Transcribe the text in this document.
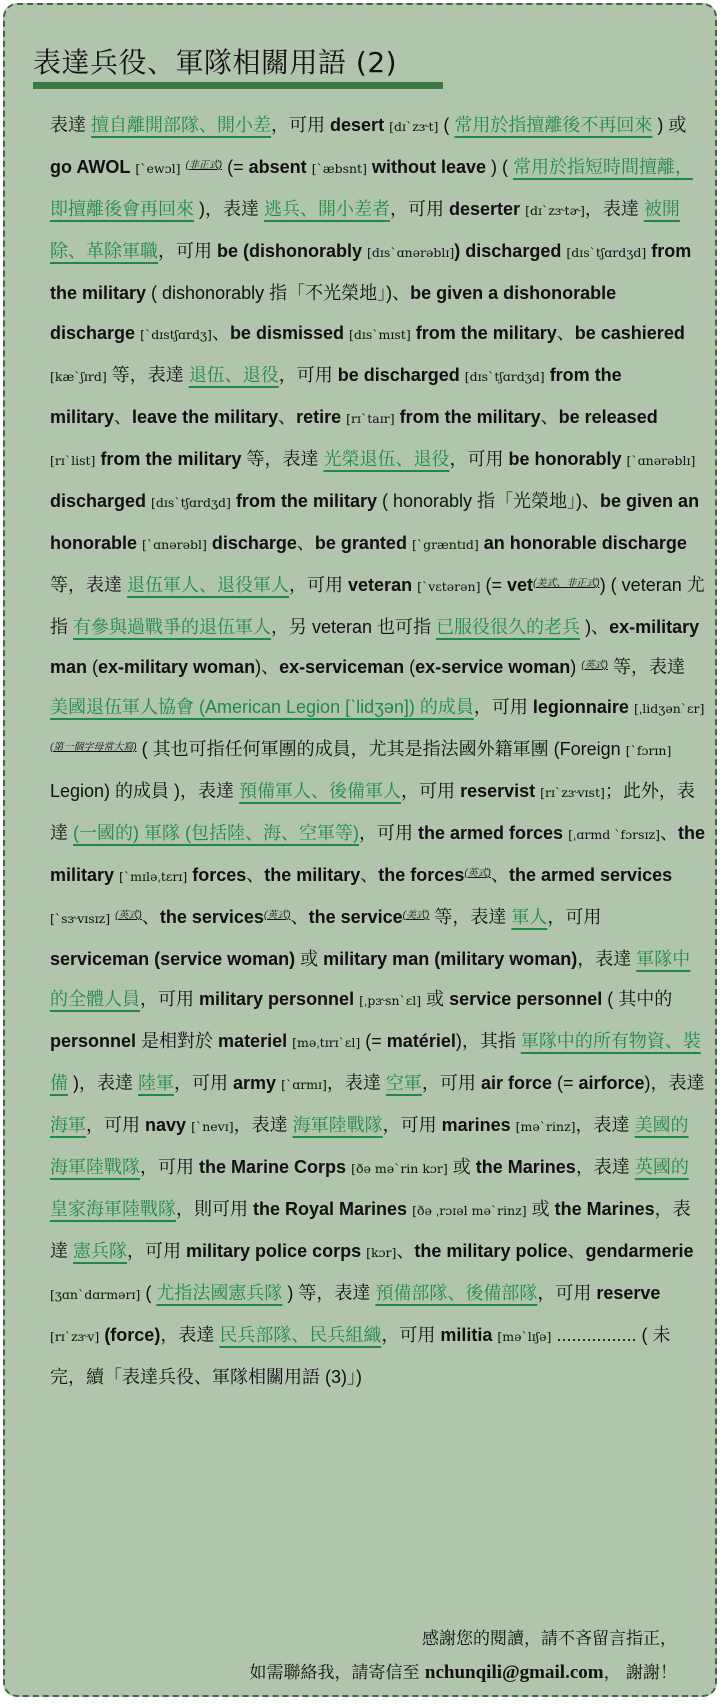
表達兵役、軍隊相關用語 (2)

表達 擅自離開部隊、開小差，可用 desert [dɪˋzɝt] ( 常用於指擅離後不再回來 ) 或 go AWOL [ˋewɔl] $^{(非正式)}$ (= absent [ˋæbsnt] without leave ) ( 常用於指短時間擅離，即擅離後會再回來 )，表達 逃兵、開小差者，可用 deserter [dɪˋzɝtɚ]，表達 被開除、革除軍職，可用 be (dishonorably [dɪsˋɑnərəblɪ]) discharged [dɪsˋtʃɑrdʒd] from the military ( dishonorably 指「不光榮地」)、be given a dishonorable discharge [ˋdɪstʃɑrdʒ]、be dismissed [dɪsˋmɪst] from the military、be cashiered [kæˋʃɪrd] 等，表達 退伍、退役，可用 be discharged [dɪsˋtʃɑrdʒd] from the military、leave the military、retire [rɪˋtaɪr] from the military、be released [rɪˋlist] from the military 等，表達 光榮退伍、退役，可用 be honorably [ˋɑnərəblɪ] discharged [dɪsˋtʃɑrdʒd] from the military ( honorably 指「光榮地」)、be given an honorable [ˋɑnərəbl] discharge、be granted [ˋgræntɪd] an honorable discharge 等，表達 退伍軍人、退役軍人，可用 veteran [ˋvɛtərən] (= vet$^{(美式、非正式)}$) ( veteran 尤指 有參與過戰爭的退伍軍人，另 veteran 也可指 已服役很久的老兵 )、ex-military man (ex-military woman)、ex-serviceman (ex-service woman) $^{(英式)}$ 等，表達 美國退伍軍人協會 (American Legion [ˋlidʒən]) 的成員，可用 legionnaire [ˌlidʒənˋɛr] $^{(第一個字母常大寫)}$ ( 其也可指任何軍團的成員，尤其是指法國外籍軍團 (Foreign [ˋfɔrɪn] Legion) 的成員 )，表達 預備軍人、後備軍人，可用 reservist [rɪˋzɝvɪst]；此外，表達 (一國的) 軍隊 (包括陸、海、空軍等)，可用 the armed forces [ˌɑrmd ˋfɔrsɪz]、the military [ˋmɪləˌtɛrɪ] forces、the military、the forces$^{(英式)}$、the armed services [ˋsɝvɪsɪz] $^{(英式)}$、the services$^{(英式)}$、the service$^{(美式)}$ 等，表達 軍人，可用 serviceman (service woman) 或 military man (military woman)，表達 軍隊中的全體人員，可用 military personnel [ˌpɝsnˋɛl] 或 service personnel ( 其中的 personnel 是相對於 materiel [məˌtɪrɪˋɛl] (= matériel)，其指 軍隊中的所有物資、裝備 )，表達 陸軍，可用 army [ˋɑrmɪ]，表達 空軍，可用 air force (= airforce)，表達 海軍，可用 navy [ˋnevɪ]，表達 海軍陸戰隊，可用 marines [məˋrinz]，表達 美國的海軍陸戰隊，可用 the Marine Corps [ðə məˋrin kɔr] 或 the Marines，表達 英國的皇家海軍陸戰隊，則可用 the Royal Marines [ðə ˌrɔɪəl məˋrinz] 或 the Marines，表達 憲兵隊，可用 military police corps [kɔr]、the military police、gendarmerie [ʒɑnˋdɑrmərɪ] ( 尤指法國憲兵隊 ) 等，表達 預備部隊、後備部隊，可用 reserve [rɪˋzɝv] (force)，表達 民兵部隊、民兵組織，可用 militia [məˋlɪʃə] ................ ( 未完，續「表達兵役、軍隊相關用語 (3)」)

感謝您的閱讀，請不吝留言指正，
如需聯絡我，請寄信至 nchunqili@gmail.com， 謝謝！
